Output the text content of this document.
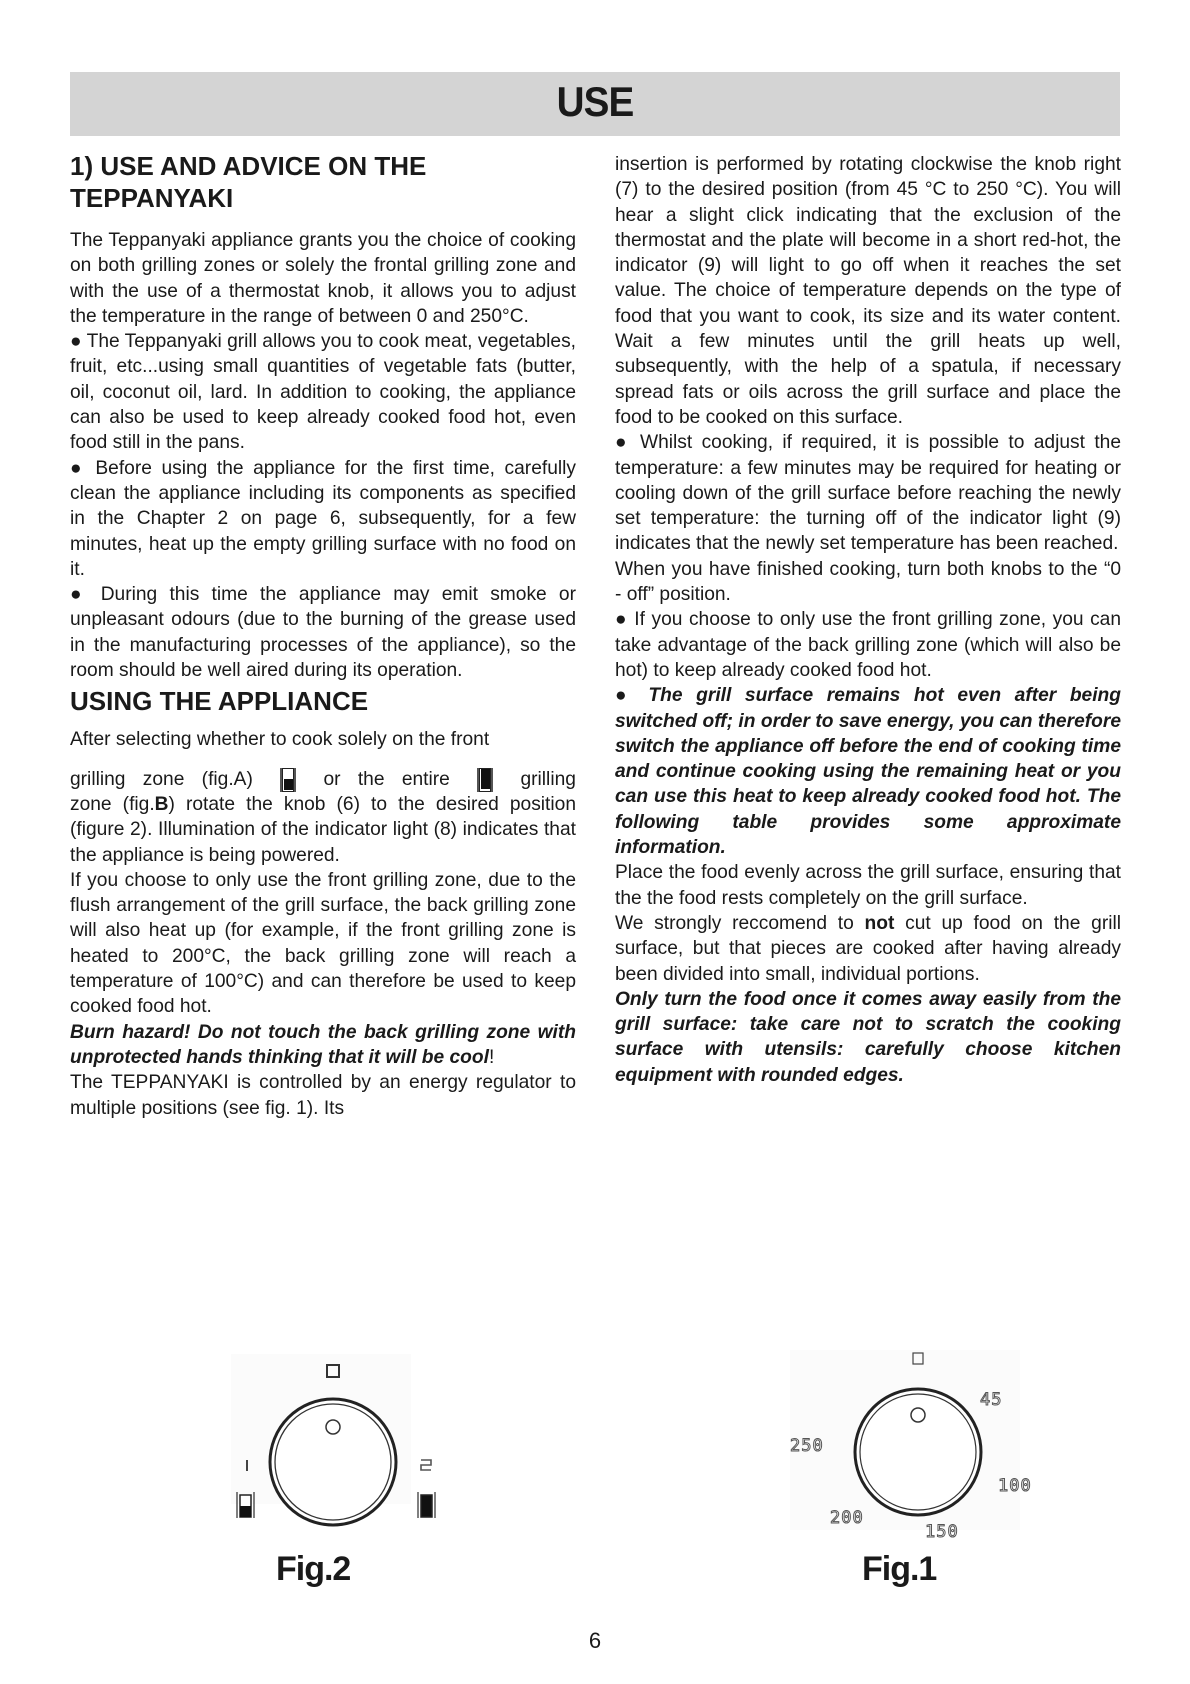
USE
1) USE AND ADVICE ON THE
TEPPANYAKI

The Teppanyaki appliance grants you the choice of cooking on both grilling zones or solely the frontal grilling zone and with the use of a thermostat knob, it allows you to adjust the temperature in the range of between 0 and 250°C.

● The Teppanyaki grill allows you to cook meat, vegetables, fruit, etc...using small quantities of vegetable fats (butter, oil, coconut oil, lard. In addition to cooking, the appliance can also be used to keep already cooked food hot, even food still in the pans.

● Before using the appliance for the first time, carefully clean the appliance including its components as specified in the Chapter 2 on page 6, subsequently, for a few minutes, heat up the empty grilling surface with no food on it.

● During this time the appliance may emit smoke or unpleasant odours (due to the burning of the grease used in the manufacturing processes of the appliance), so the room should be well aired during its operation.

USING THE APPLIANCE

After selecting whether to cook solely on the front

grilling zone (fig.A)	or the entire	grilling

zone (fig.B) rotate the knob (6) to the desired position (figure 2). Illumination of the indicator light (8) indicates that the appliance is being powered.

If you choose to only use the front grilling zone, due to the flush arrangement of the grill surface, the back grilling zone will also heat up (for example, if the front grilling zone is heated to 200°C, the back grilling zone will reach a temperature of 100°C) and can therefore be used to keep cooked food hot.

Burn hazard! Do not touch the back grilling zone with unprotected hands thinking that it will be cool!

The TEPPANYAKI is controlled by an energy regulator to multiple positions (see fig. 1). Its

insertion is performed by rotating clockwise the knob right (7) to the desired position (from 45 °C to 250 °C). You will hear a slight click indicating that the exclusion of the thermostat and the plate will become in a short red-hot, the indicator (9) will light to go off when it reaches the set value. The choice of temperature depends on the type of food that you want to cook, its size and its water content. Wait a few minutes until the grill heats up well, subsequently, with the help of a spatula, if necessary spread fats or oils across the grill surface and place the food to be cooked on this surface.

● Whilst cooking, if required, it is possible to adjust the temperature: a few minutes may be required for heating or cooling down of the grill surface before reaching the newly set temperature: the turning off of the indicator light (9) indicates that the newly set temperature has been reached.

When you have finished cooking, turn both knobs to the “0 - off” position.

● If you choose to only use the front grilling zone, you can take advantage of the back grilling zone (which will also be hot) to keep already cooked food hot.

● The grill surface remains hot even after being switched off; in order to save energy, you can therefore switch the appliance off before the end of cooking time and continue cooking using the remaining heat or you can use this heat to keep already cooked food hot. The following table provides some approximate information.

Place the food evenly across the grill surface, ensuring that the the food rests completely on the grill surface.

We strongly reccomend to not cut up food on the grill surface, but that pieces are cooked after having already been divided into small, individual portions.

Only turn the food once it comes away easily from the grill surface: take care not to scratch the cooking surface with utensils: carefully choose kitchen equipment with rounded edges.

Fig.2
45
100
150
200
250
Fig.1
6
